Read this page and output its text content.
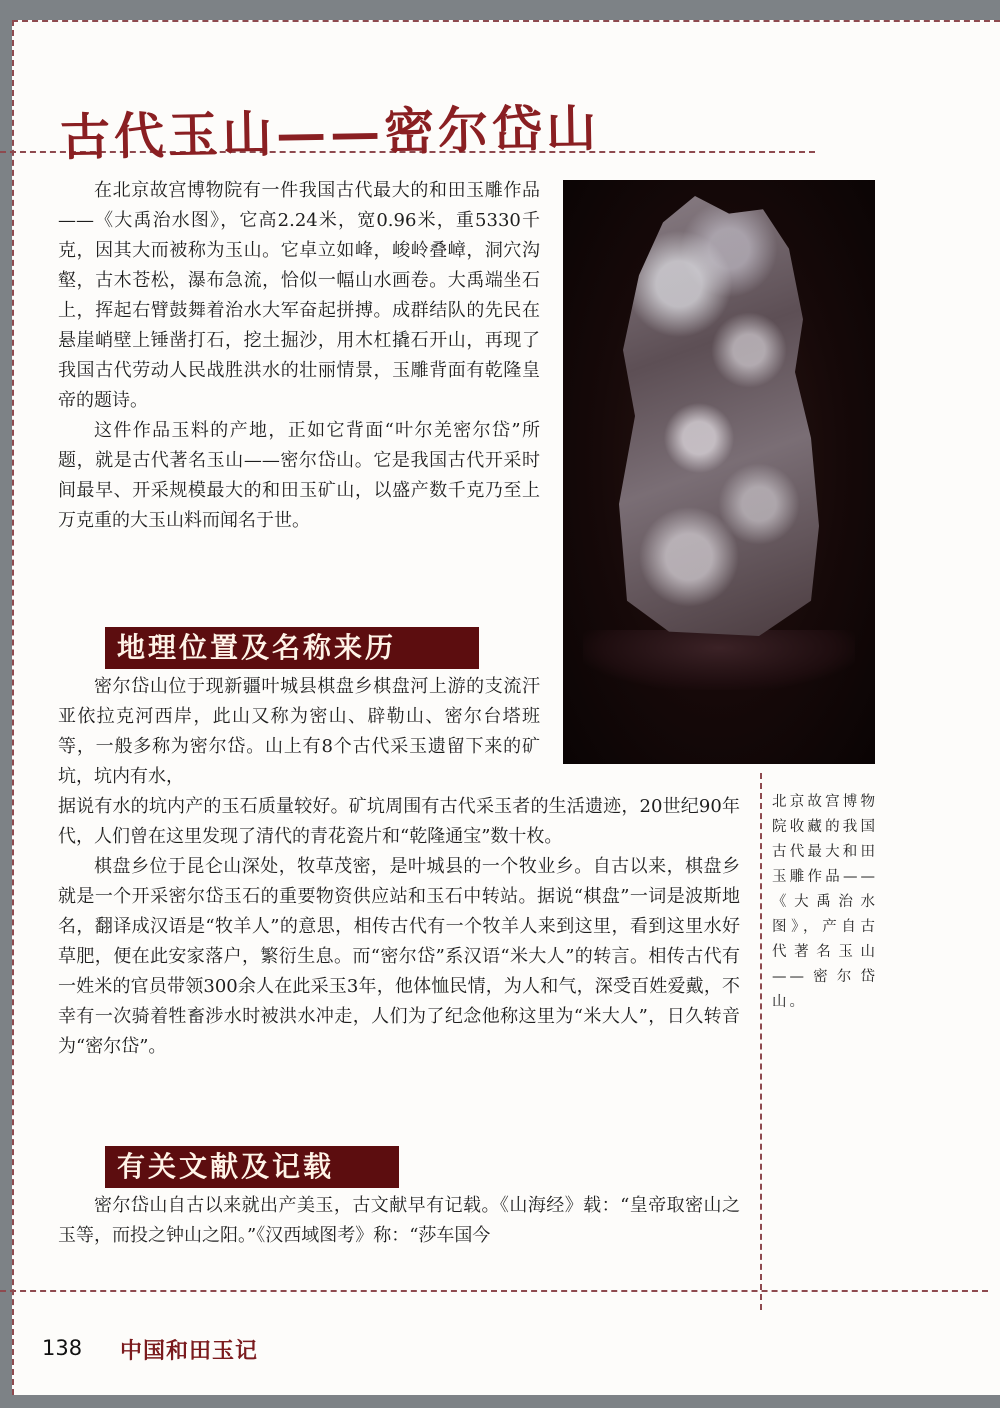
古代玉山——密尔岱山

在北京故宫博物院有一件我国古代最大的和田玉雕作品——《大禹治水图》，它高2.24米，宽0.96米，重5330千克，因其大而被称为玉山。它卓立如峰，峻岭叠嶂，洞穴沟壑，古木苍松，瀑布急流，恰似一幅山水画卷。大禹端坐石上，挥起右臂鼓舞着治水大军奋起拼搏。成群结队的先民在悬崖峭壁上锤凿打石，挖土掘沙，用木杠撬石开山，再现了我国古代劳动人民战胜洪水的壮丽情景，玉雕背面有乾隆皇帝的题诗。

这件作品玉料的产地，正如它背面“叶尔羌密尔岱”所题，就是古代著名玉山——密尔岱山。它是我国古代开采时间最早、开采规模最大的和田玉矿山，以盛产数千克乃至上万克重的大玉山料而闻名于世。

地理位置及名称来历

密尔岱山位于现新疆叶城县棋盘乡棋盘河上游的支流汗亚依拉克河西岸，此山又称为密山、辟勒山、密尔台塔班等，一般多称为密尔岱。山上有8个古代采玉遗留下来的矿坑，坑内有水，

据说有水的坑内产的玉石质量较好。矿坑周围有古代采玉者的生活遗迹，20世纪90年代，人们曾在这里发现了清代的青花瓷片和“乾隆通宝”数十枚。

棋盘乡位于昆仑山深处，牧草茂密，是叶城县的一个牧业乡。自古以来，棋盘乡就是一个开采密尔岱玉石的重要物资供应站和玉石中转站。据说“棋盘”一词是波斯地名，翻译成汉语是“牧羊人”的意思，相传古代有一个牧羊人来到这里，看到这里水好草肥，便在此安家落户，繁衍生息。而“密尔岱”系汉语“米大人”的转言。相传古代有一姓米的官员带领300余人在此采玉3年，他体恤民情，为人和气，深受百姓爱戴，不幸有一次骑着牲畜涉水时被洪水冲走，人们为了纪念他称这里为“米大人”，日久转音为“密尔岱”。

北京故宫博物院收藏的我国古代最大和田玉雕作品——《大禹治水图》，产自古代著名玉山——密尔岱山。

有关文献及记载

密尔岱山自古以来就出产美玉，古文献早有记载。《山海经》载：“皇帝取密山之玉等，而投之钟山之阳。”《汉西域图考》称：“莎车国今

138 中国和田玉记
